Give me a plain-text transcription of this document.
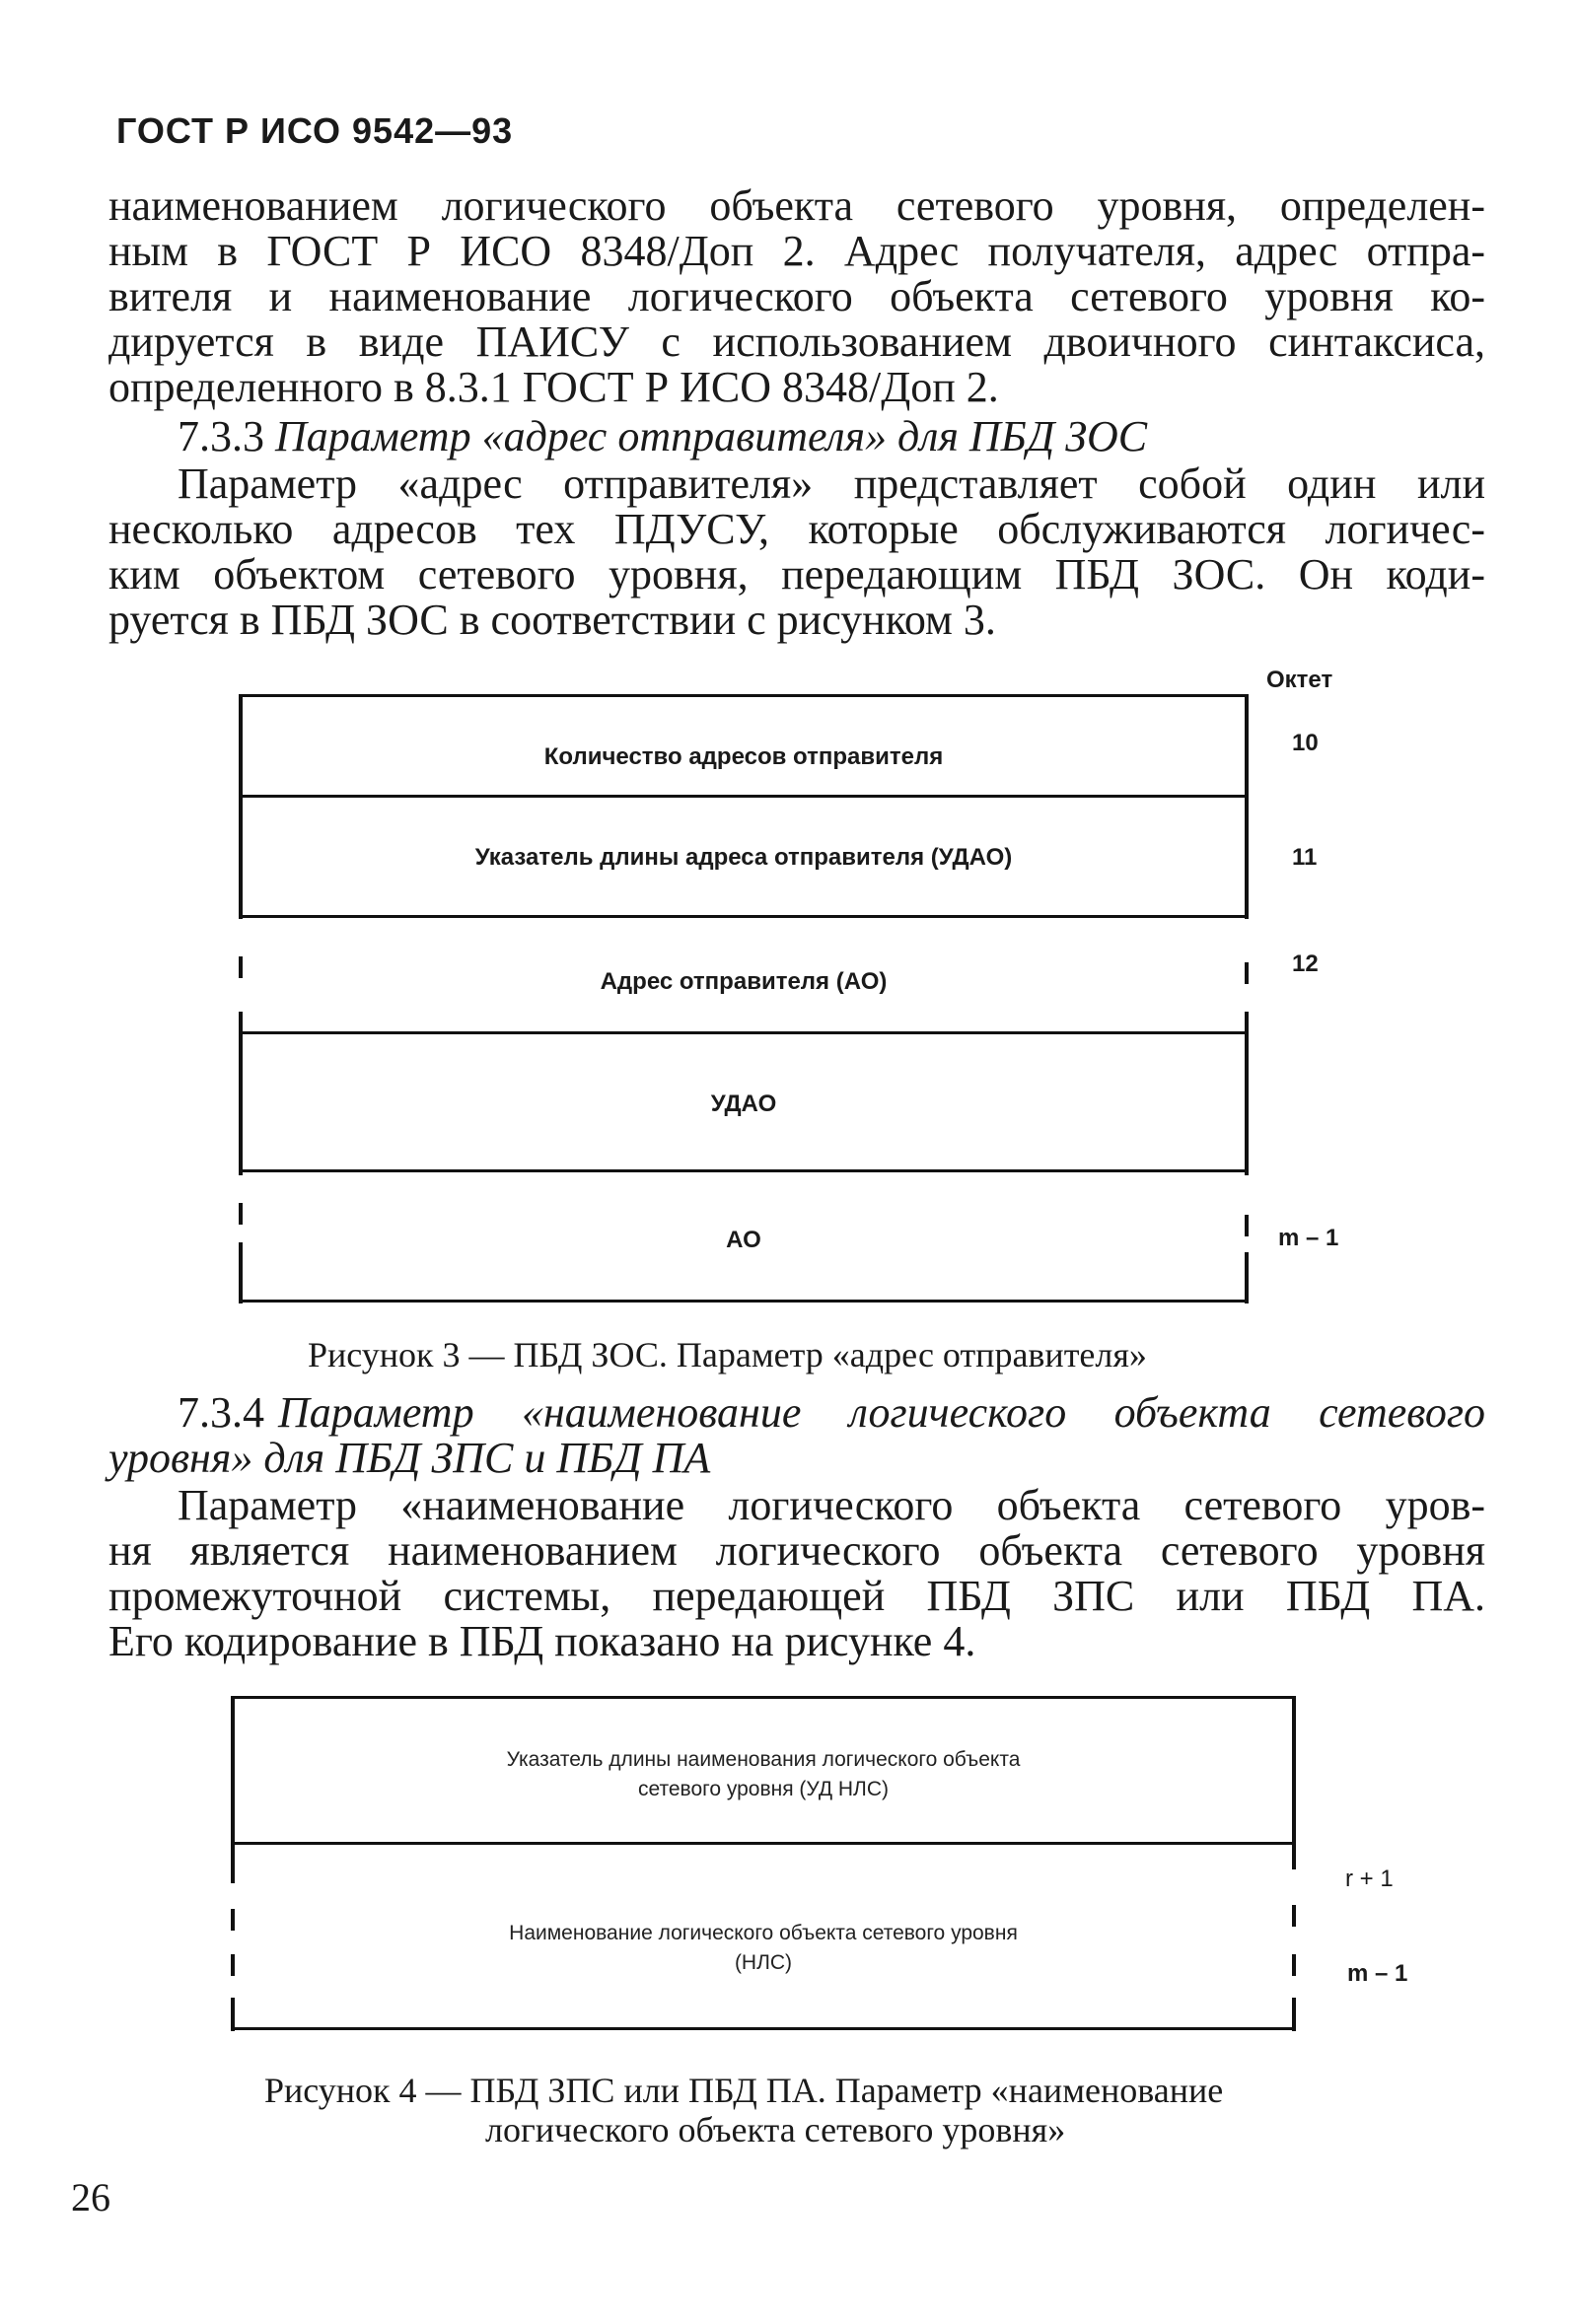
ГОСТ Р ИСО 9542—93
наименованием логического объекта сетевого уровня, определен-
ным в ГОСТ Р ИСО 8348/Доп 2. Адрес получателя, адрес отпра-
вителя и наименование логического объекта сетевого уровня ко-
дируется в виде ПАИСУ с использованием двоичного синтаксиса,
определенного в 8.3.1 ГОСТ Р ИСО 8348/Доп 2.
7.3.3 Параметр «адрес отправителя» для ПБД ЗОС
Параметр «адрес отправителя» представляет собой один или
несколько адресов тех ПДУСУ, которые обслуживаются логичес-
ким объектом сетевого уровня, передающим ПБД ЗОС. Он коди-
руется в ПБД ЗОС в соответствии с рисунком 3.
Октет
Количество адресов отправителя
Указатель длины адреса отправителя (УДАО)
Адрес отправителя (АО)
УДАО
АО
10
11
12
m – 1
Рисунок 3 — ПБД ЗОС. Параметр «адрес отправителя»
7.3.4 Параметр «наименование логического объекта сетевого
уровня» для ПБД ЗПС и ПБД ПА
Параметр «наименование логического объекта сетевого уров-
ня является наименованием логического объекта сетевого уровня
промежуточной системы, передающей ПБД ЗПС или ПБД ПА.
Его кодирование в ПБД показано на рисунке 4.
Указатель длины наименования логического объекта
сетевого уровня (УД НЛС)
Наименование логического объекта сетевого уровня
(НЛС)
r + 1
m – 1
Рисунок 4 — ПБД ЗПС или ПБД ПА. Параметр «наименование
логического объекта сетевого уровня»
26
